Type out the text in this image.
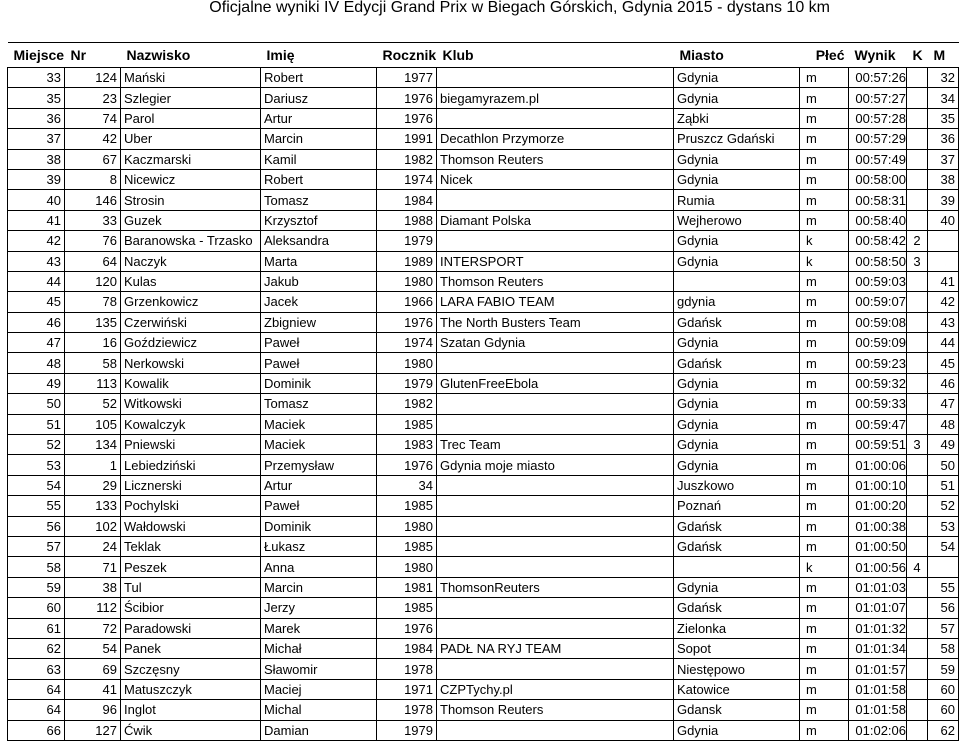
Oficjalne wyniki IV Edycji Grand Prix w Biegach Górskich, Gdynia 2015 - dystans 10 km
Miejsce	Nr	Nazwisko	Imię	Rocznik	Klub	Miasto	Płeć	Wynik	K	M
33	124	Mański	Robert	1977		Gdynia	m	00:57:26		32
35	23	Szlegier	Dariusz	1976	biegamyrazem.pl	Gdynia	m	00:57:27		34
36	74	Parol	Artur	1976		Ząbki	m	00:57:28		35
37	42	Uber	Marcin	1991	Decathlon Przymorze	Pruszcz Gdański	m	00:57:29		36
38	67	Kaczmarski	Kamil	1982	Thomson Reuters	Gdynia	m	00:57:49		37
39	8	Nicewicz	Robert	1974	Nicek	Gdynia	m	00:58:00		38
40	146	Strosin	Tomasz	1984		Rumia	m	00:58:31		39
41	33	Guzek	Krzysztof	1988	Diamant Polska	Wejherowo	m	00:58:40		40
42	76	Baranowska - Trzasko	Aleksandra	1979		Gdynia	k	00:58:42	2	
43	64	Naczyk	Marta	1989	INTERSPORT	Gdynia	k	00:58:50	3	
44	120	Kulas	Jakub	1980	Thomson Reuters		m	00:59:03		41
45	78	Grzenkowicz	Jacek	1966	LARA FABIO TEAM	gdynia	m	00:59:07		42
46	135	Czerwiński	Zbigniew	1976	The North Busters Team	Gdańsk	m	00:59:08		43
47	16	Goździewicz	Paweł	1974	Szatan Gdynia	Gdynia	m	00:59:09		44
48	58	Nerkowski	Paweł	1980		Gdańsk	m	00:59:23		45
49	113	Kowalik	Dominik	1979	GlutenFreeEbola	Gdynia	m	00:59:32		46
50	52	Witkowski	Tomasz	1982		Gdynia	m	00:59:33		47
51	105	Kowalczyk	Maciek	1985		Gdynia	m	00:59:47		48
52	134	Pniewski	Maciek	1983	Trec Team	Gdynia	m	00:59:51	3	49
53	1	Lebiedziński	Przemysław	1976	Gdynia moje miasto	Gdynia	m	01:00:06		50
54	29	Licznerski	Artur	34		Juszkowo	m	01:00:10		51
55	133	Pochylski	Paweł	1985		Poznań	m	01:00:20		52
56	102	Wałdowski	Dominik	1980		Gdańsk	m	01:00:38		53
57	24	Teklak	Łukasz	1985		Gdańsk	m	01:00:50		54
58	71	Peszek	Anna	1980			k	01:00:56	4	
59	38	Tul	Marcin	1981	ThomsonReuters	Gdynia	m	01:01:03		55
60	112	Ścibior	Jerzy	1985		Gdańsk	m	01:01:07		56
61	72	Paradowski	Marek	1976		Zielonka	m	01:01:32		57
62	54	Panek	Michał	1984	PADŁ NA RYJ TEAM	Sopot	m	01:01:34		58
63	69	Szczęsny	Sławomir	1978		Niestępowo	m	01:01:57		59
64	41	Matuszczyk	Maciej	1971	CZPTychy.pl	Katowice	m	01:01:58		60
64	96	Inglot	Michal	1978	Thomson Reuters	Gdansk	m	01:01:58		60
66	127	Ćwik	Damian	1979		Gdynia	m	01:02:06		62
